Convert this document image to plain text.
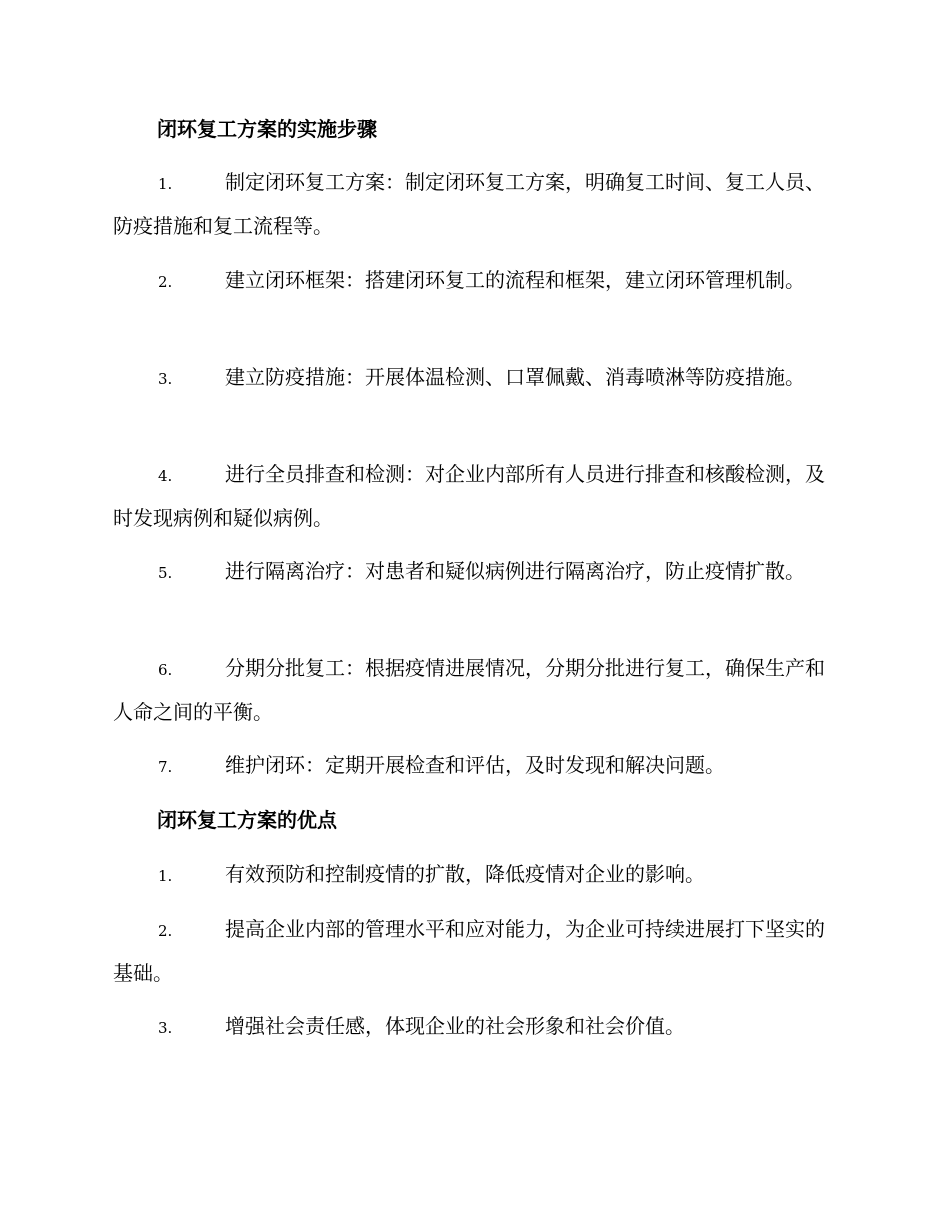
闭环复工方案的实施步骤
1.	制定闭环复工方案：制定闭环复工方案，明确复工时间、复工人员、防疫措施和复工流程等。
2.	建立闭环框架：搭建闭环复工的流程和框架，建立闭环管理机制。
3.	建立防疫措施：开展体温检测、口罩佩戴、消毒喷淋等防疫措施。
4.	进行全员排查和检测：对企业内部所有人员进行排查和核酸检测，及时发现病例和疑似病例。
5.	进行隔离治疗：对患者和疑似病例进行隔离治疗，防止疫情扩散。
6.	分期分批复工：根据疫情进展情况，分期分批进行复工，确保生产和人命之间的平衡。
7.	维护闭环：定期开展检查和评估，及时发现和解决问题。
闭环复工方案的优点
1.	有效预防和控制疫情的扩散，降低疫情对企业的影响。
2.	提高企业内部的管理水平和应对能力，为企业可持续进展打下坚实的基础。
3.	增强社会责任感，体现企业的社会形象和社会价值。
